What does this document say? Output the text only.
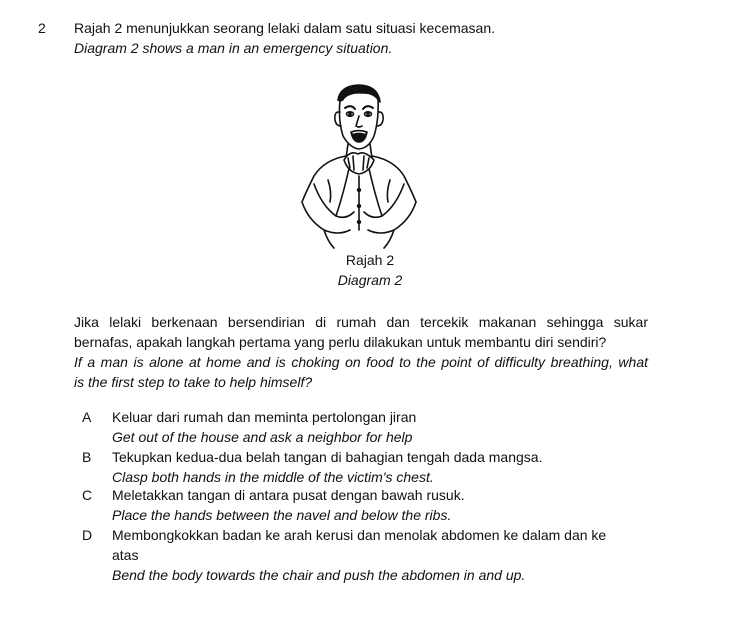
2 Rajah 2 menunjukkan seorang lelaki dalam satu situasi kecemasan.
Diagram 2 shows a man in an emergency situation.
Rajah 2
Diagram 2
Jika lelaki berkenaan bersendirian di rumah dan tercekik makanan sehingga sukar
bernafas, apakah langkah pertama yang perlu dilakukan untuk membantu diri sendiri?
If a man is alone at home and is choking on food to the point of difficulty breathing, what
is the first step to take to help himself?
A	Keluar dari rumah dan meminta pertolongan jiran
Get out of the house and ask a neighbor for help
B	Tekupkan kedua-dua belah tangan di bahagian tengah dada mangsa.
Clasp both hands in the middle of the victim's chest.
C Meletakkan tangan di antara pusat dengan bawah rusuk.
Place the hands between the navel and below the ribs.
D Membongkokkan badan ke arah kerusi dan menolak abdomen ke dalam dan ke
atas
Bend the body towards the chair and push the abdomen in and up.
